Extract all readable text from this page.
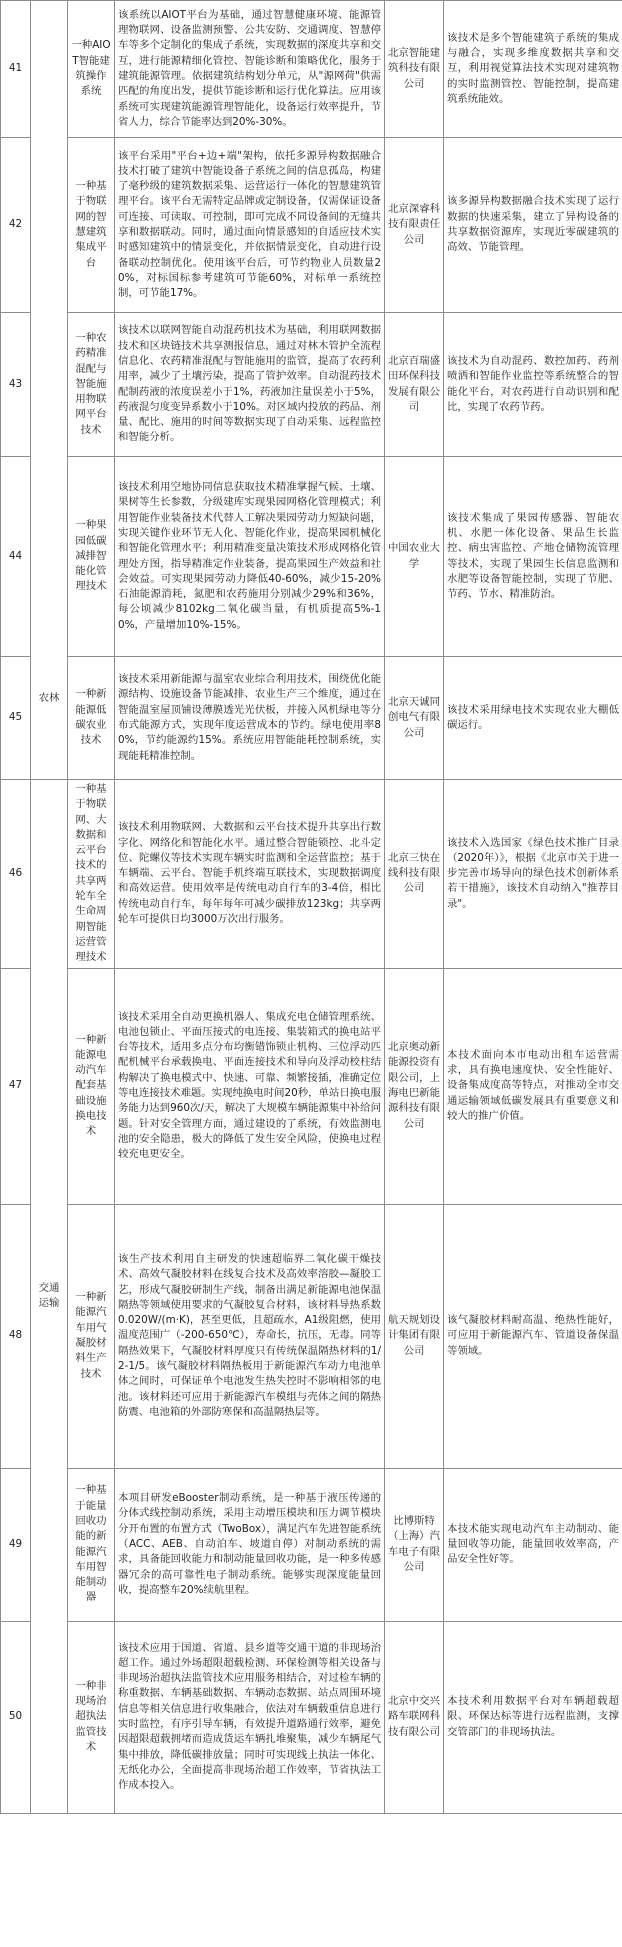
41	农林	一种AIOT智能建筑操作系统	该系统以AIOT平台为基础，通过智慧健康环境、能源管理物联网、设备监测预警、公共安防、交通调度、智慧停车等多个定制化的集成子系统，实现数据的深度共享和交互，进行能源精细化管控、智能诊断和策略优化，服务于建筑能源管理。依据建筑结构划分单元，从"源网荷"供需匹配的角度出发，提供节能诊断和运行优化算法。应用该系统可实现建筑能源管理智能化，设备运行效率提升，节省人力，综合节能率达到20%-30%。	北京智能建筑科技有限公司	该技术是多个智能建筑子系统的集成与融合，实现多维度数据共享和交互，利用视觉算法技术实现对建筑物的实时监测管控、智能控制，提高建筑系统能效。
42		一种基于物联网的智慧建筑集成平台	该平台采用"平台+边+端"架构，依托多源异构数据融合技术打破了建筑中智能设备子系统之间的信息孤岛，构建了毫秒级的建筑数据采集、运营运行一体化的智慧建筑管理平台。该平台无需特定品牌或定制设备，仅需保证设备可连接、可读取、可控制，即可完成不同设备间的无缝共享和数据联动。同时，通过面向情景感知的自适应技术实时感知建筑中的情景变化，并依据情景变化，自动进行设备联动控制优化。使用该平台后，可节约物业人员数量20%，对标国标参考建筑可节能60%，对标单一系统控制，可节能17%。	北京深睿科技有限责任公司	该多源异构数据融合技术实现了运行数据的快速采集，建立了异构设备的共享数据资源库，实现近零碳建筑的高效、节能管理。
43		一种农药精准混配与智能施用物联网平台技术	该技术以联网智能自动混药机技术为基础，利用联网数据技术和区块链技术共享测报信息，通过对林木管护全流程信息化、农药精准混配与智能施用的监管，提高了农药利用率，减少了土壤污染，提高了管护效率。自动混药技术配制药液的浓度误差小于1%，药液加注量误差小于5%，药液混匀度变异系数小于10%。对区域内投放的药品、剂量、配比、施用的时间等数据实现了自动采集、远程监控和智能分析。	北京百瑞盛田环保科技发展有限公司	该技术为自动混药、数控加药、药剂喷洒和智能作业监控等系统整合的智能化平台，对农药进行自动识别和配比，实现了农药节药。
44		一种果园低碳减排智能化管理技术	该技术利用空地协同信息获取技术精准掌握气候、土壤、果树等生长参数，分级建库实现果园网格化管理模式；利用智能作业装备技术代替人工解决果园劳动力短缺问题，实现关键作业环节无人化、智能化作业，提高果园机械化和智能化管理水平；利用精准变量决策技术形成网格化管理处方图，指导精准定作业装备，提高果园生产效益和社会效益。可实现果园劳动力降低40-60%，减少15-20%石油能源消耗，氮肥和农药施用分别减少29%和36%，每公顷减少8102kg二氧化碳当量，有机质提高5%-10%，产量增加10%-15%。	中国农业大学	该技术集成了果园传感器、智能农机、水肥一体化设备、果品生长监控、病虫害监控、产地仓储物流管理等技术，实现了果园生长信息监测和水肥等设备智能控制，实现了节肥、节药、节水、精准防治。
45		一种新能源低碳农业技术	该技术采用新能源与温室农业综合利用技术，围绕优化能源结构、设施设备节能减排、农业生产三个维度，通过在智能温室屋顶铺设薄膜透光光伏板，并接入风机绿电等分布式能源方式，实现年度运营成本的节约。绿电使用率80%，节约能源约15%。系统应用智能能耗控制系统，实现能耗精准控制。	北京天诚同创电气有限公司	该技术采用绿电技术实现农业大棚低碳运行。
46	交通运输	一种基于物联网、大数据和云平台技术的共享两轮车全生命周期智能运营管理技术	该技术利用物联网、大数据和云平台技术提升共享出行数字化、网络化和智能化水平。通过整合智能锁控、北斗定位、陀螺仪等技术实现车辆实时监测和全运营监控；基于车辆端、云平台、智能手机终端互联技术，实现数据调度和高效运营。使用效率是传统电动自行车的3-4倍，相比传统电动自行车，每年每年可减少碳排放123kg；共享两轮车可提供日均3000万次出行服务。	北京三快在线科技有限公司	该技术入选国家《绿色技术推广目录（2020年）》，根据《北京市关于进一步完善市场导向的绿色技术创新体系若干措施》，该技术自动纳入"推荐目录"。
47		一种新能源电动汽车配套基础设施换电技术	该技术采用全自动更换机器人、集成充电仓储管理系统、电池包锁止、平面压接式的电连接、集装箱式的换电站平台等技术，适用多点分布均衡错饰锁止机构、三位浮动匹配机械平台承载换电、平面连接技术和导向及浮动校柱结构解决了换电模式中、快速、可靠、频繁接插，准确定位等电连接技术难题。实现纯换电时间20秒，单站日换电服务能力达到960次/天，解决了大规模车辆能源集中补给问题。针对安全管理方面，通过建设的了系统，有效监测电池的安全隐患，极大的降低了发生安全风险，使换电过程较充电更安全。	北京奥动新能源投资有限公司，上海电巴新能源科技有限公司	本技术面向本市电动出租车运营需求，具有换电速度快、安全性能好、设备集成度高等特点，对推动全市交通运输领域低碳发展具有重要意义和较大的推广价值。
48		一种新能源汽车用气凝胶材料生产技术	该生产技术利用自主研发的快速超临界二氧化碳干燥技术、高效气凝胶材料在线复合技术及高效率溶胶—凝胶工艺，形成气凝胶研制生产线，制备出满足新能源电池保温隔热等领域使用要求的气凝胶复合材料，该材料导热系数0.020W/(m·K)，甚至更低，且超疏水，A1级阻燃，使用温度范围广（-200-650℃），寿命长，抗压，无毒。同等隔热效果下，气凝胶材料厚度只有传统保温隔热材料的1/2-1/5。该气凝胶材料隔热板用于新能源汽车动力电池单体之间时，可保证单个电池发生热失控时不影响相邻的电池。该材料还可应用于新能源汽车模组与壳体之间的隔热防震、电池箱的外部防寒保和高温隔热层等。	航天规划设计集团有限公司	该气凝胶材料耐高温、绝热性能好，可应用于新能源汽车、管道设备保温等领域。
49		一种基于能量回收功能的新能源汽车用智能制动器	本项目研发eBooster制动系统，是一种基于液压传递的分体式线控制动系统，采用主动增压模块和压力调节模块分开布置的布置方式（TwoBox），满足汽车先进智能系统（ACC、AEB、自动泊车、坡道自停）对制动系统的需求，具备能回收能力和制动能量回收功能，是一种多传感器冗余的高可靠性电子制动系统。能够实现深度能量回收，提高整车20%续航里程。	比博斯特（上海）汽车电子有限公司	本技术能实现电动汽车主动制动、能量回收等功能，能量回收效率高，产品安全性好等。
50		一种非现场治超执法监管技术	该技术应用于国道、省道、县乡道等交通干道的非现场治超工作。通过外场超限超载检测、环保检测等相关设备与非现场治超执法监管技术应用服务相结合，对过检车辆的称重数据、车辆基础数据、车辆动态数据、站点周围环境信息等相关信息进行收集融合，依法对车辆载重信息进行实时监控，有序引导车辆，有效提升道路通行效率，避免因超限超载拥堵而造成货运车辆扎堆聚集，减少车辆尾气集中排放，降低碳排放量；同时可实现线上执法一体化、无纸化办公，全面提高非现场治超工作效率，节省执法工作成本投入。	北京中交兴路车联网科技有限公司	本技术利用数据平台对车辆超载超限、环保达标等进行远程监测，支撑交管部门的非现场执法。
